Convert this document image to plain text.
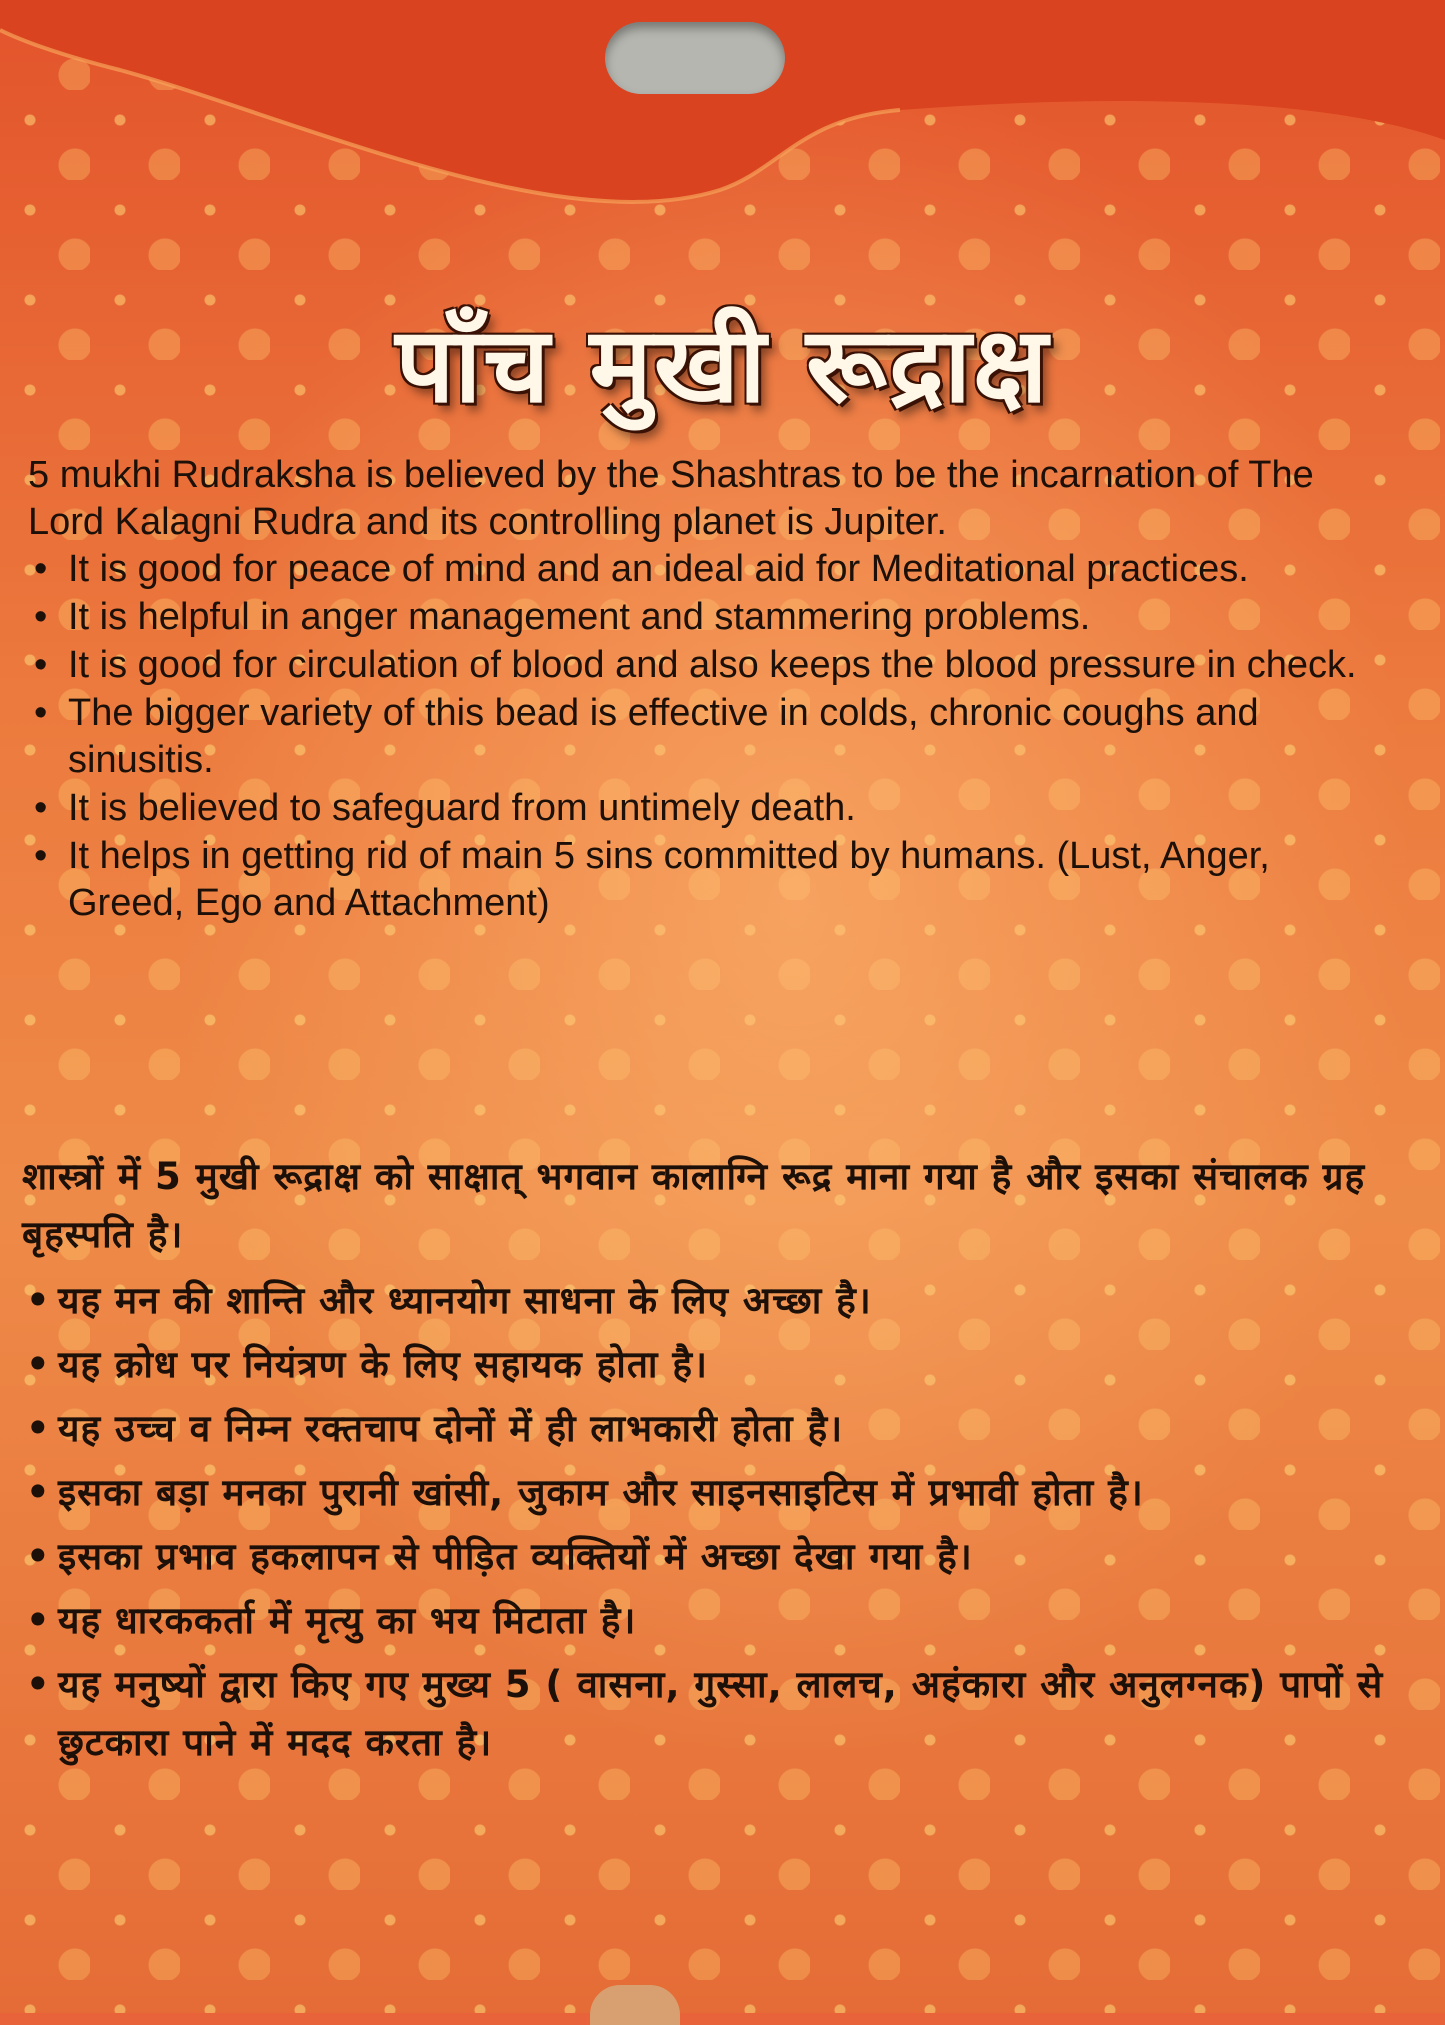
पाँच मुखी रूद्राक्ष

5 mukhi Rudraksha is believed by the Shashtras to be the incarnation of The Lord Kalagni Rudra and its controlling planet is Jupiter.

• It is good for peace of mind and an ideal aid for Meditational practices.
• It is helpful in anger management and stammering problems.
• It is good for circulation of blood and also keeps the blood pressure in check.
• The bigger variety of this bead is effective in colds, chronic coughs and sinusitis.
• It is believed to safeguard from untimely death.
• It helps in getting rid of main 5 sins committed by humans. (Lust, Anger, Greed, Ego and Attachment)

शास्त्रों में 5 मुखी रूद्राक्ष को साक्षात् भगवान कालाग्नि रूद्र माना गया है और इसका संचालक ग्रह बृहस्पति है।

• यह मन की शान्ति और ध्यानयोग साधना के लिए अच्छा है।
• यह क्रोध पर नियंत्रण के लिए सहायक होता है।
• यह उच्च व निम्न रक्तचाप दोनों में ही लाभकारी होता है।
• इसका बड़ा मनका पुरानी खांसी, जुकाम और साइनसाइटिस में प्रभावी होता है।
• इसका प्रभाव हकलापन से पीड़ित व्यक्तियों में अच्छा देखा गया है।
• यह धारककर्ता में मृत्यु का भय मिटाता है।
• यह मनुष्यों द्वारा किए गए मुख्य 5 ( वासना, गुस्सा, लालच, अहंकारा और अनुलग्नक) पापों से छुटकारा पाने में मदद करता है।
